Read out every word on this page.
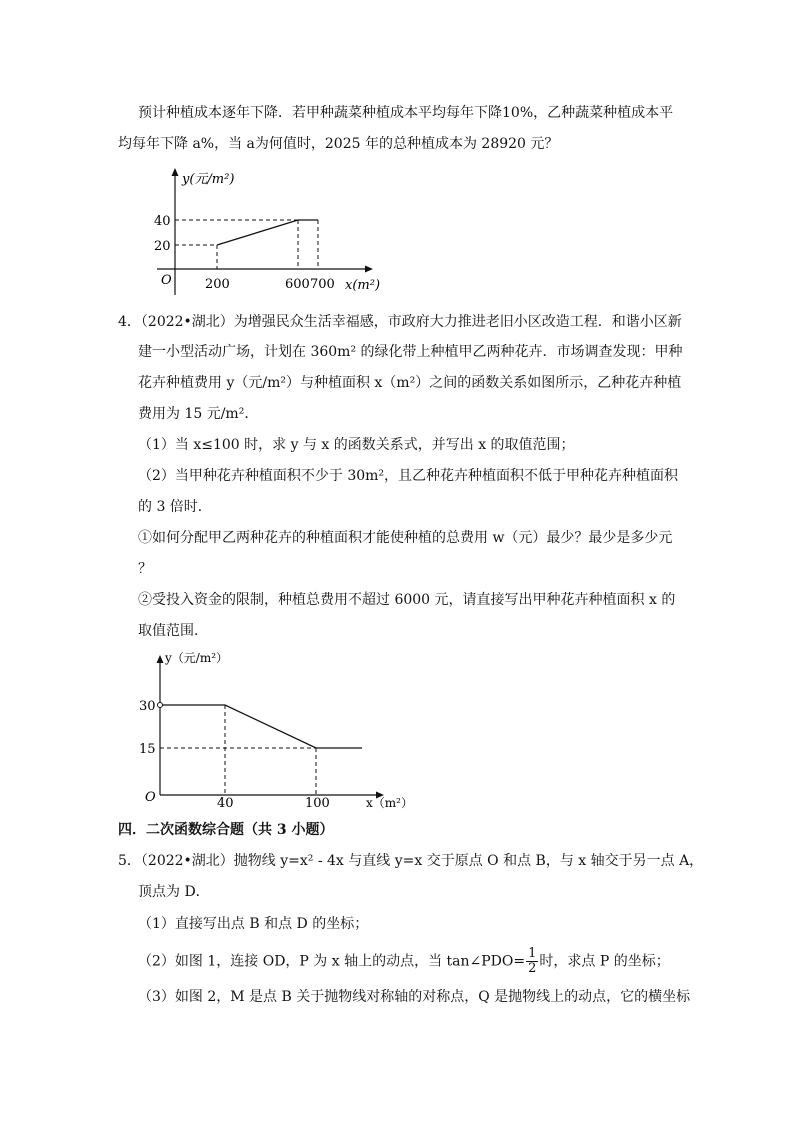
预计种植成本逐年下降．若甲种蔬菜种植成本平均每年下降10%，乙种蔬菜种植成本平
均每年下降 a%，当 a为何值时，2025 年的总种植成本为 28920 元？
y(元/m²)
x(m²)
O	200	600 700
20
40
4．（2022•湖北）为增强民众生活幸福感，市政府大力推进老旧小区改造工程．和谐小区新
建一小型活动广场，计划在 360m² 的绿化带上种植甲乙两种花卉．市场调查发现：甲种
花卉种植费用 y（元/m²）与种植面积 x（m²）之间的函数关系如图所示，乙种花卉种植
费用为 15 元/m²．
（1）当 x≤100 时，求 y 与 x 的函数关系式，并写出 x 的取值范围；
（2）当甲种花卉种植面积不少于 30m²，且乙种花卉种植面积不低于甲种花卉种植面积
的 3 倍时．
①如何分配甲乙两种花卉的种植面积才能使种植的总费用 w（元）最少？最少是多少元
？
②受投入资金的限制，种植总费用不超过 6000 元，请直接写出甲种花卉种植面积 x 的
取值范围．
y（元/m²）
x（m²）
O	40	100
15
30
四．二次函数综合题（共 3 小题）
5．（2022•湖北）抛物线 y=x² - 4x 与直线 y=x 交于原点 O 和点 B，与 x 轴交于另一点 A，
顶点为 D．
（1）直接写出点 B 和点 D 的坐标；
（2）如图 1，连接 OD，P 为 x 轴上的动点，当 tan∠PDO= $\frac{1}{2}$ 时，求点 P 的坐标；
（3）如图 2，M 是点 B 关于抛物线对称轴的对称点，Q 是抛物线上的动点，它的横坐标
